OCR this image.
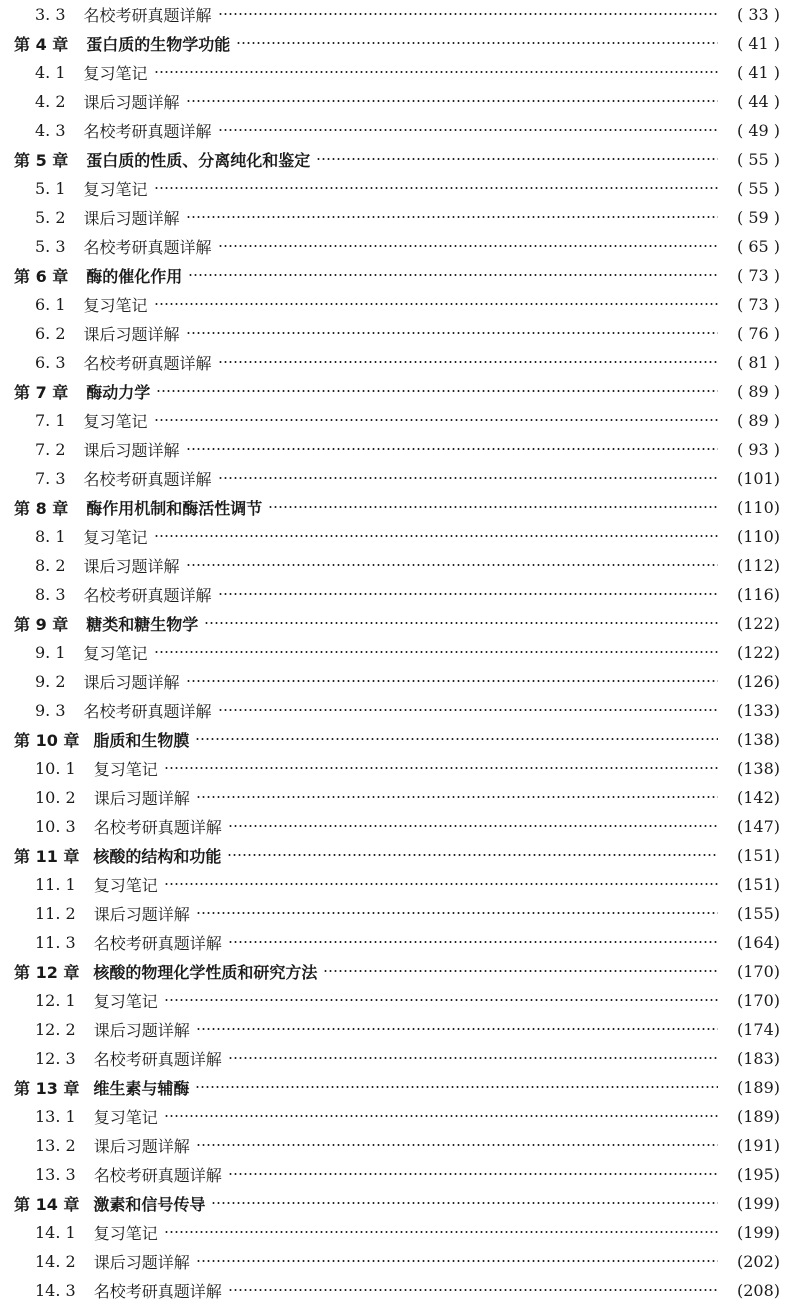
3. 3 名校考研真题详解	( 33 )
第 4 章 蛋白质的生物学功能	( 41 )
4. 1 复习笔记	( 41 )
4. 2 课后习题详解	( 44 )
4. 3 名校考研真题详解	( 49 )
第 5 章 蛋白质的性质、分离纯化和鉴定	( 55 )
5. 1 复习笔记	( 55 )
5. 2 课后习题详解	( 59 )
5. 3 名校考研真题详解	( 65 )
第 6 章 酶的催化作用	( 73 )
6. 1 复习笔记	( 73 )
6. 2 课后习题详解	( 76 )
6. 3 名校考研真题详解	( 81 )
第 7 章 酶动力学	( 89 )
7. 1 复习笔记	( 89 )
7. 2 课后习题详解	( 93 )
7. 3 名校考研真题详解	(101)
第 8 章 酶作用机制和酶活性调节	(110)
8. 1 复习笔记	(110)
8. 2 课后习题详解	(112)
8. 3 名校考研真题详解	(116)
第 9 章 糖类和糖生物学	(122)
9. 1 复习笔记	(122)
9. 2 课后习题详解	(126)
9. 3 名校考研真题详解	(133)
第 10 章 脂质和生物膜	(138)
10. 1 复习笔记	(138)
10. 2 课后习题详解	(142)
10. 3 名校考研真题详解	(147)
第 11 章 核酸的结构和功能	(151)
11. 1 复习笔记	(151)
11. 2 课后习题详解	(155)
11. 3 名校考研真题详解	(164)
第 12 章 核酸的物理化学性质和研究方法	(170)
12. 1 复习笔记	(170)
12. 2 课后习题详解	(174)
12. 3 名校考研真题详解	(183)
第 13 章 维生素与辅酶	(189)
13. 1 复习笔记	(189)
13. 2 课后习题详解	(191)
13. 3 名校考研真题详解	(195)
第 14 章 激素和信号传导	(199)
14. 1 复习笔记	(199)
14. 2 课后习题详解	(202)
14. 3 名校考研真题详解	(208)
